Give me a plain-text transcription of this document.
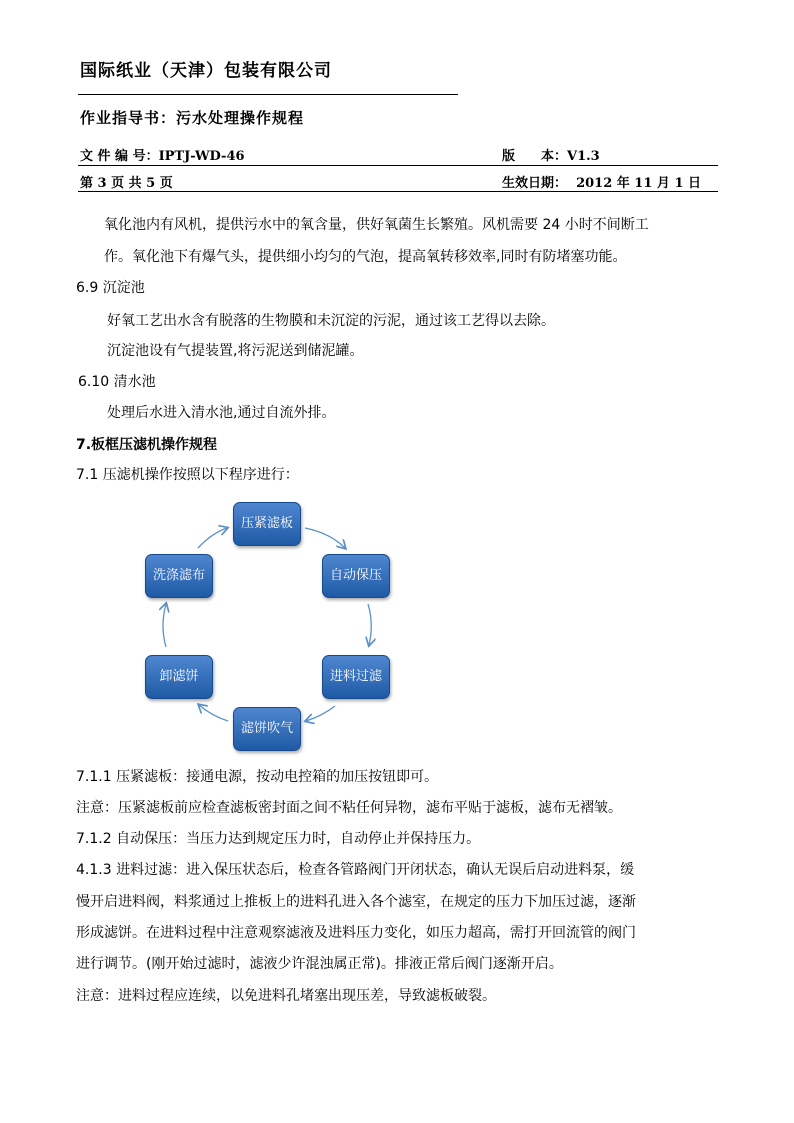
国际纸业（天津）包装有限公司
作业指导书：污水处理操作规程
文 件 编 号：IPTJ-WD-46	版　　本：V1.3
第 3 页 共 5 页	生效日期： 2012 年 11 月 1 日
氧化池内有风机，提供污水中的氧含量，供好氧菌生长繁殖。风机需要 24 小时不间断工
作。氧化池下有爆气头，提供细小均匀的气泡，提高氧转移效率,同时有防堵塞功能。
6.9 沉淀池
好氧工艺出水含有脱落的生物膜和未沉淀的污泥，通过该工艺得以去除。
沉淀池设有气提装置,将污泥送到储泥罐。
6.10 清水池
处理后水进入清水池,通过自流外排。
7.板框压滤机操作规程
7.1 压滤机操作按照以下程序进行：
压紧滤板
自动保压
进料过滤
滤饼吹气
卸滤饼
洗涤滤布
7.1.1 压紧滤板：接通电源，按动电控箱的加压按钮即可。
注意：压紧滤板前应检查滤板密封面之间不粘任何异物，滤布平贴于滤板，滤布无褶皱。
7.1.2 自动保压：当压力达到规定压力时，自动停止并保持压力。
4.1.3 进料过滤：进入保压状态后，检查各管路阀门开闭状态，确认无误后启动进料泵，缓
慢开启进料阀，料浆通过上推板上的进料孔进入各个滤室，在规定的压力下加压过滤，逐渐
形成滤饼。在进料过程中注意观察滤液及进料压力变化，如压力超高，需打开回流管的阀门
进行调节。(刚开始过滤时，滤液少许混浊属正常)。排液正常后阀门逐渐开启。
注意：进料过程应连续，以免进料孔堵塞出现压差，导致滤板破裂。
